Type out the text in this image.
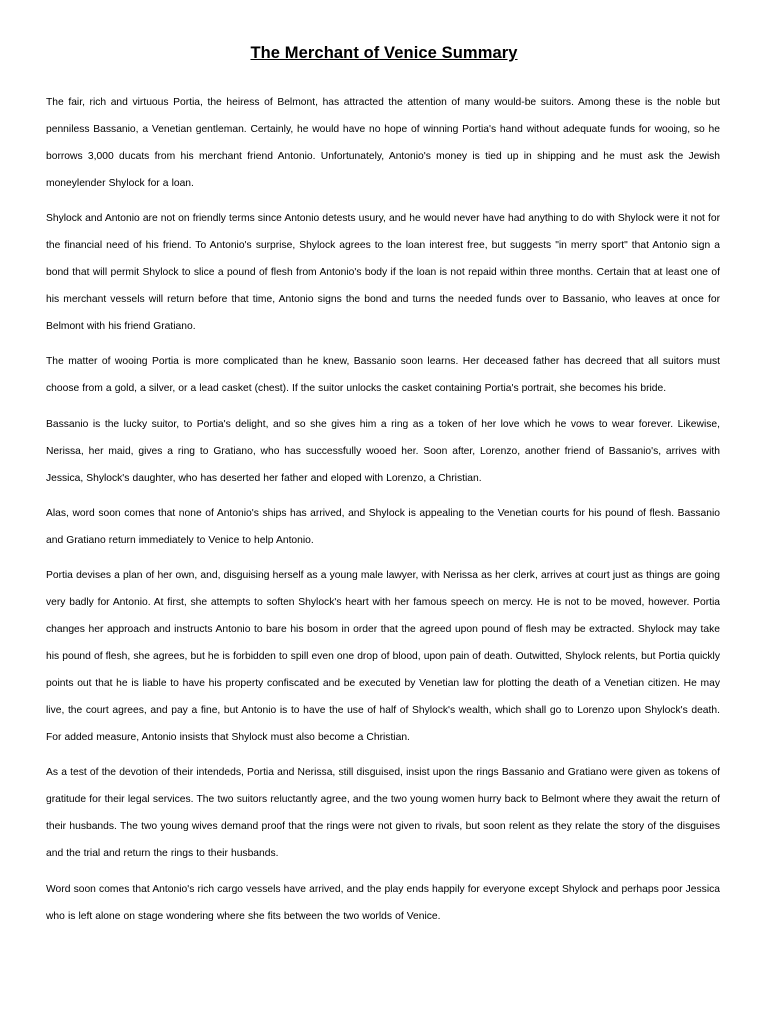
The Merchant of Venice Summary

The fair, rich and virtuous Portia, the heiress of Belmont, has attracted the attention of many would-be suitors. Among these is the noble but penniless Bassanio, a Venetian gentleman. Certainly, he would have no hope of winning Portia's hand without adequate funds for wooing, so he borrows 3,000 ducats from his merchant friend Antonio. Unfortunately, Antonio's money is tied up in shipping and he must ask the Jewish moneylender Shylock for a loan.

Shylock and Antonio are not on friendly terms since Antonio detests usury, and he would never have had anything to do with Shylock were it not for the financial need of his friend. To Antonio's surprise, Shylock agrees to the loan interest free, but suggests "in merry sport" that Antonio sign a bond that will permit Shylock to slice a pound of flesh from Antonio's body if the loan is not repaid within three months. Certain that at least one of his merchant vessels will return before that time, Antonio signs the bond and turns the needed funds over to Bassanio, who leaves at once for Belmont with his friend Gratiano.

The matter of wooing Portia is more complicated than he knew, Bassanio soon learns. Her deceased father has decreed that all suitors must choose from a gold, a silver, or a lead casket (chest). If the suitor unlocks the casket containing Portia's portrait, she becomes his bride.

Bassanio is the lucky suitor, to Portia's delight, and so she gives him a ring as a token of her love which he vows to wear forever. Likewise, Nerissa, her maid, gives a ring to Gratiano, who has successfully wooed her. Soon after, Lorenzo, another friend of Bassanio's, arrives with Jessica, Shylock's daughter, who has deserted her father and eloped with Lorenzo, a Christian.

Alas, word soon comes that none of Antonio's ships has arrived, and Shylock is appealing to the Venetian courts for his pound of flesh. Bassanio and Gratiano return immediately to Venice to help Antonio.

Portia devises a plan of her own, and, disguising herself as a young male lawyer, with Nerissa as her clerk, arrives at court just as things are going very badly for Antonio. At first, she attempts to soften Shylock's heart with her famous speech on mercy. He is not to be moved, however. Portia changes her approach and instructs Antonio to bare his bosom in order that the agreed upon pound of flesh may be extracted. Shylock may take his pound of flesh, she agrees, but he is forbidden to spill even one drop of blood, upon pain of death. Outwitted, Shylock relents, but Portia quickly points out that he is liable to have his property confiscated and be executed by Venetian law for plotting the death of a Venetian citizen. He may live, the court agrees, and pay a fine, but Antonio is to have the use of half of Shylock's wealth, which shall go to Lorenzo upon Shylock's death. For added measure, Antonio insists that Shylock must also become a Christian.

As a test of the devotion of their intendeds, Portia and Nerissa, still disguised, insist upon the rings Bassanio and Gratiano were given as tokens of gratitude for their legal services. The two suitors reluctantly agree, and the two young women hurry back to Belmont where they await the return of their husbands. The two young wives demand proof that the rings were not given to rivals, but soon relent as they relate the story of the disguises and the trial and return the rings to their husbands.

Word soon comes that Antonio's rich cargo vessels have arrived, and the play ends happily for everyone except Shylock and perhaps poor Jessica who is left alone on stage wondering where she fits between the two worlds of Venice.
